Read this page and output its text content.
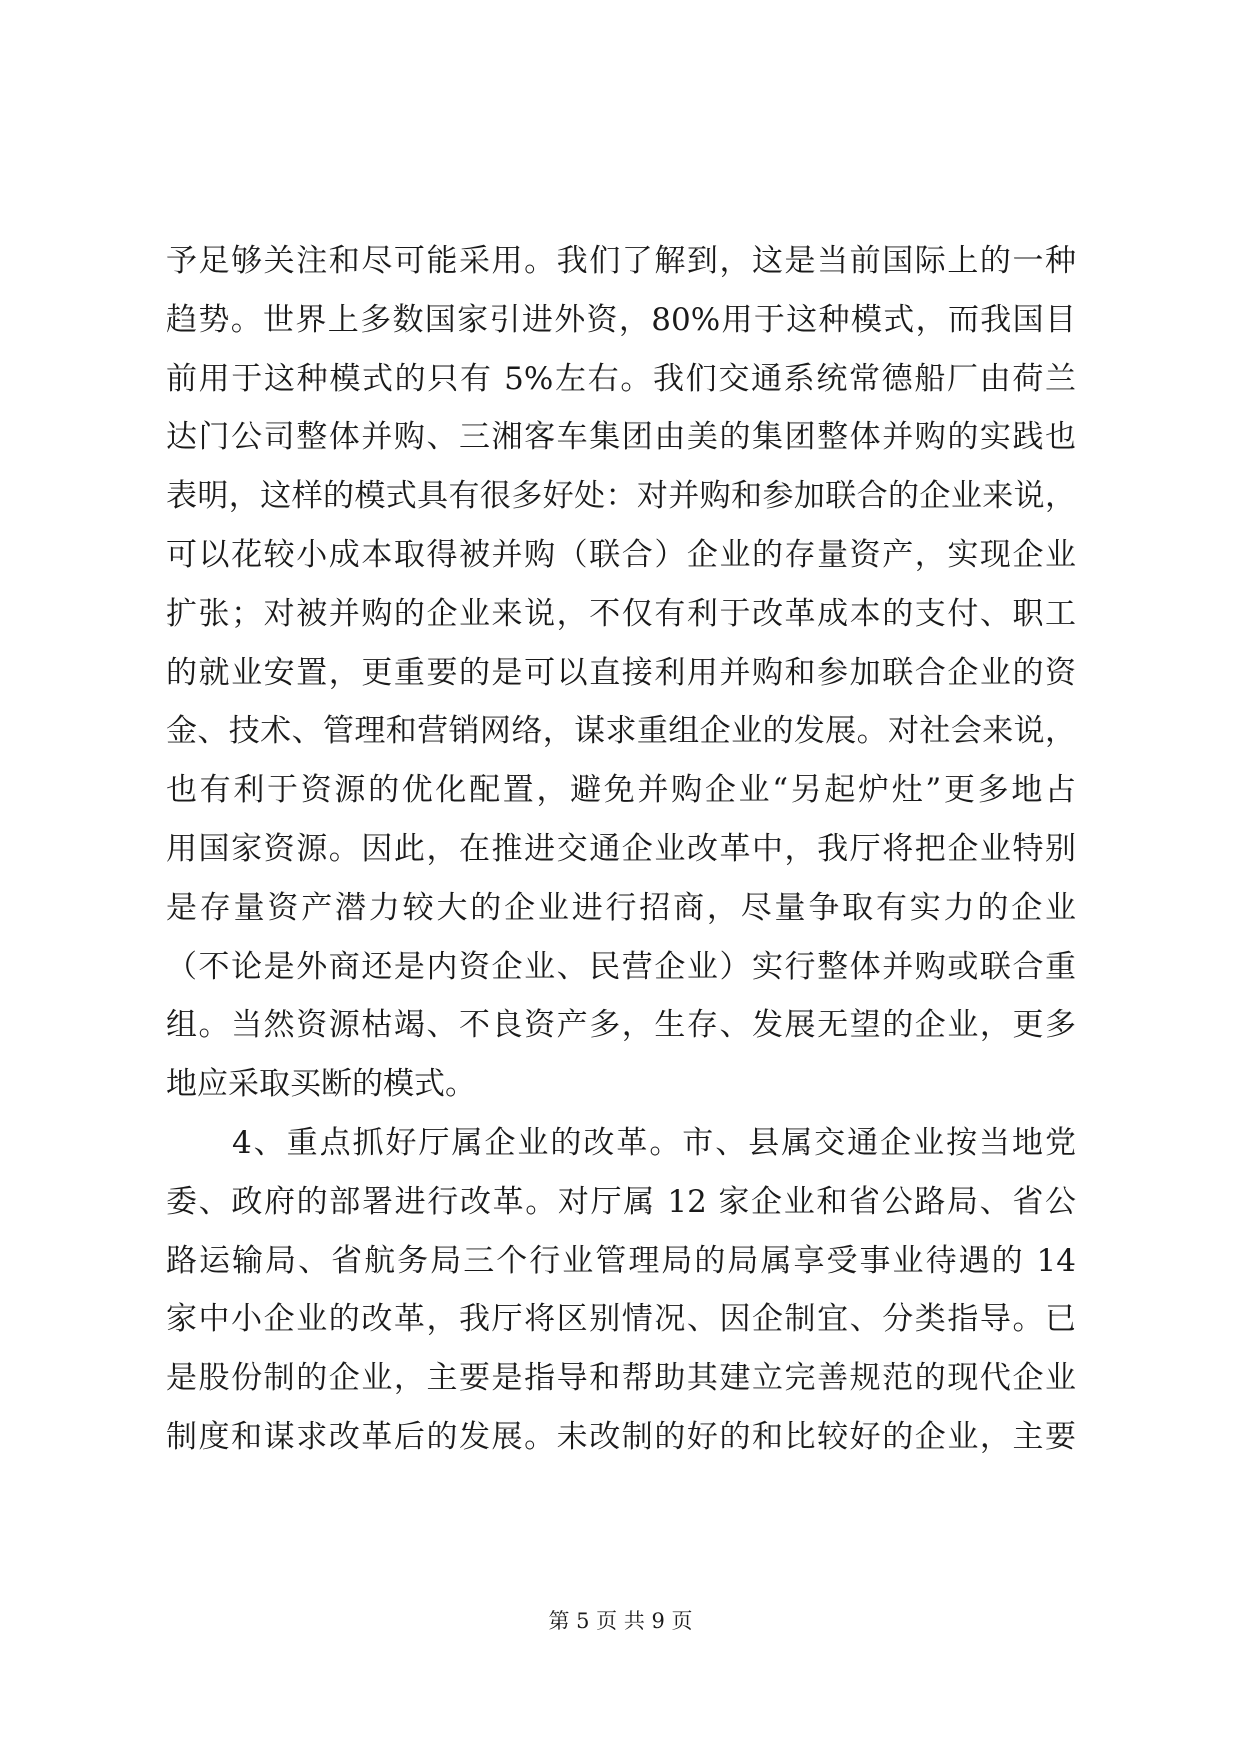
予足够关注和尽可能采用。我们了解到，这是当前国际上的一种
趋势。世界上多数国家引进外资，80%用于这种模式，而我国目
前用于这种模式的只有 5%左右。我们交通系统常德船厂由荷兰
达门公司整体并购、三湘客车集团由美的集团整体并购的实践也
表明，这样的模式具有很多好处：对并购和参加联合的企业来说，
可以花较小成本取得被并购（联合）企业的存量资产，实现企业
扩张；对被并购的企业来说，不仅有利于改革成本的支付、职工
的就业安置，更重要的是可以直接利用并购和参加联合企业的资
金、技术、管理和营销网络，谋求重组企业的发展。对社会来说，
也有利于资源的优化配置，避免并购企业“另起炉灶”更多地占
用国家资源。因此，在推进交通企业改革中，我厅将把企业特别
是存量资产潜力较大的企业进行招商，尽量争取有实力的企业
（不论是外商还是内资企业、民营企业）实行整体并购或联合重
组。当然资源枯竭、不良资产多，生存、发展无望的企业，更多
地应采取买断的模式。
　　4、重点抓好厅属企业的改革。市、县属交通企业按当地党
委、政府的部署进行改革。对厅属 12 家企业和省公路局、省公
路运输局、省航务局三个行业管理局的局属享受事业待遇的 14
家中小企业的改革，我厅将区别情况、因企制宜、分类指导。已
是股份制的企业，主要是指导和帮助其建立完善规范的现代企业
制度和谋求改革后的发展。未改制的好的和比较好的企业，主要
第 5 页 共 9 页
